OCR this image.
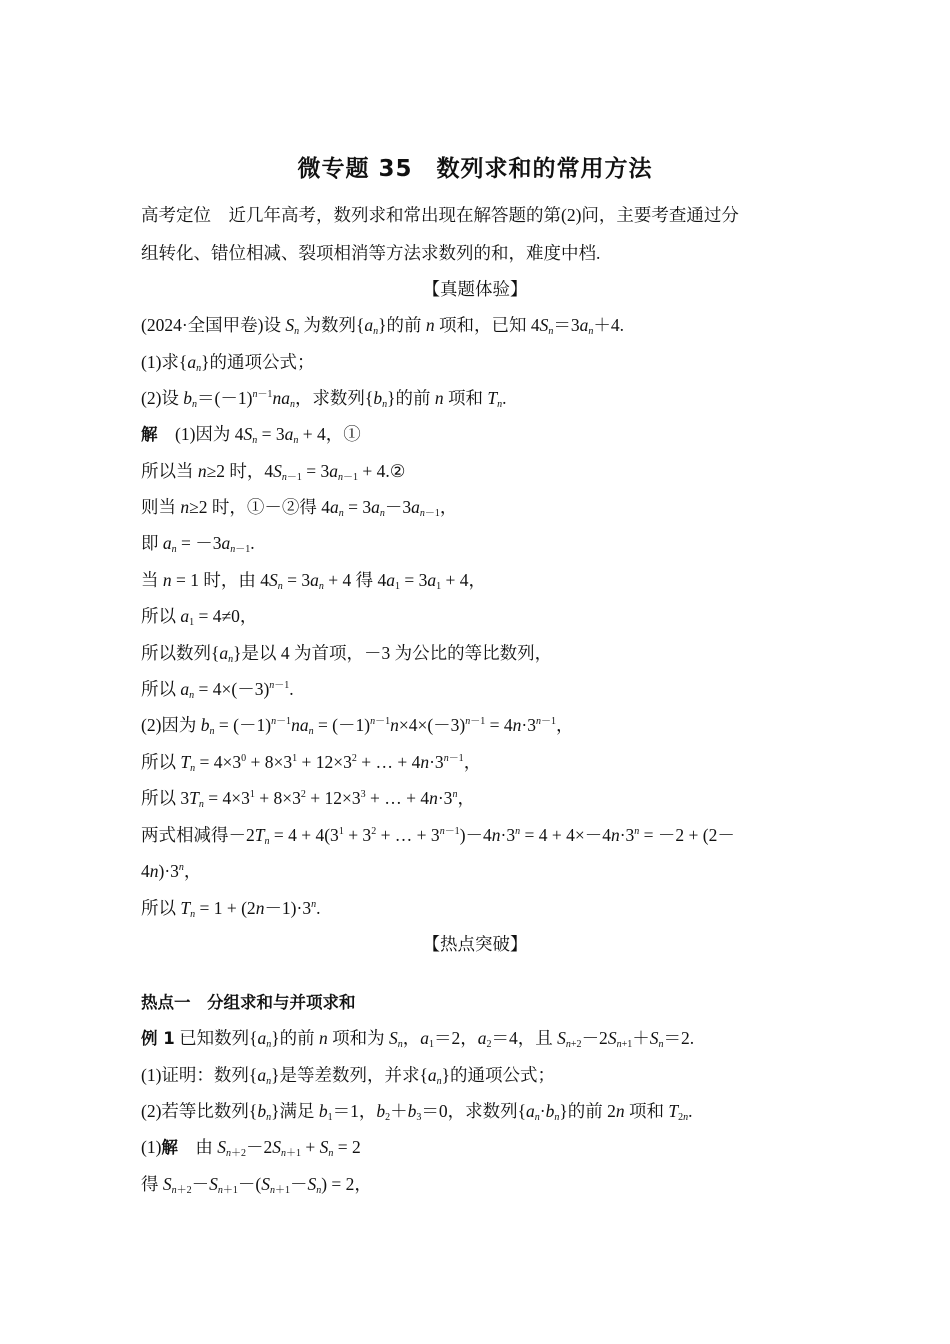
微专题 35　数列求和的常用方法
高考定位 近几年高考，数列求和常出现在解答题的第(2)问，主要考查通过分
组转化、错位相减、裂项相消等方法求数列的和，难度中档.
【真题体验】
(2024·全国甲卷)设 $S_n$ 为数列$\{a_n\}$的前 n 项和，已知 $4S_n=3a_n+4$.
(1)求$\{a_n\}$的通项公式；
(2)设 $b_n=(-1)^{n-1}na_n$，求数列$\{b_n\}$的前 n 项和 $T_n$.
解    (1)因为 $4S_n = 3a_n + 4$，①
所以当 n≥2 时，$4S_{n-1} = 3a_{n-1}$ + 4.②
则当 n≥2 时，①－②得 $4a_n = 3a_n-3a_{n-1}$，
即 $a_n = -3a_{n-1}$.
当 n = 1 时，由 $4S_n = 3a_n + 4$ 得 $4a_1 = 3a_1 + 4$，
所以 $a_1 = 4\ne 0$，
所以数列$\{a_n\}$是以 4 为首项，－3 为公比的等比数列，
所以 $a_n = 4\times(-3)^{n-1}$.
(2)因为 $b_n = (-1)^{n-1}na_n = (-1)^{n-1}n\times 4\times(-3)^{n-1} = 4n\cdot 3^{n-1}$，
所以 $T_n = 4\times 3^0 + 8\times 3^1 + 12\times 3^2$ + … + $4n\cdot 3^{n-1}$，
所以 $3T_n = 4\times 3^1 + 8\times 3^2 + 12\times 3^3$ + … + $4n\cdot 3^n$，
两式相减得$-2T_n = 4 + 4(3^1 + 3^2$ + … + $3^{n-1})-4n\cdot 3^n = 4 + 4\times-4n\cdot 3^n = -2 + (2-$
$4n)\cdot 3^n$，
所以 $T_n = 1 + (2n-1)\cdot 3^n$.
【热点突破】
热点一　分组求和与并项求和
例 1 已知数列$\{a_n\}$的前 n 项和为 $S_n$，$a_1=2$，$a_2=4$，且 $S_{n+2}-2S_{n+1}+S_n=2$.
(1)证明：数列$\{a_n\}$是等差数列，并求$\{a_n\}$的通项公式；
(2)若等比数列$\{b_n\}$满足 $b_1=1$，$b_2+b_3=0$，求数列$\{a_n\cdot b_n\}$的前 2n 项和 $T_{2n}$.
(1)解    由 $S_{n+2}-2S_{n+1} + S_n = 2$
得 $S_{n+2}-S_{n+1}-(S_{n+1}-S_n) = 2$，
